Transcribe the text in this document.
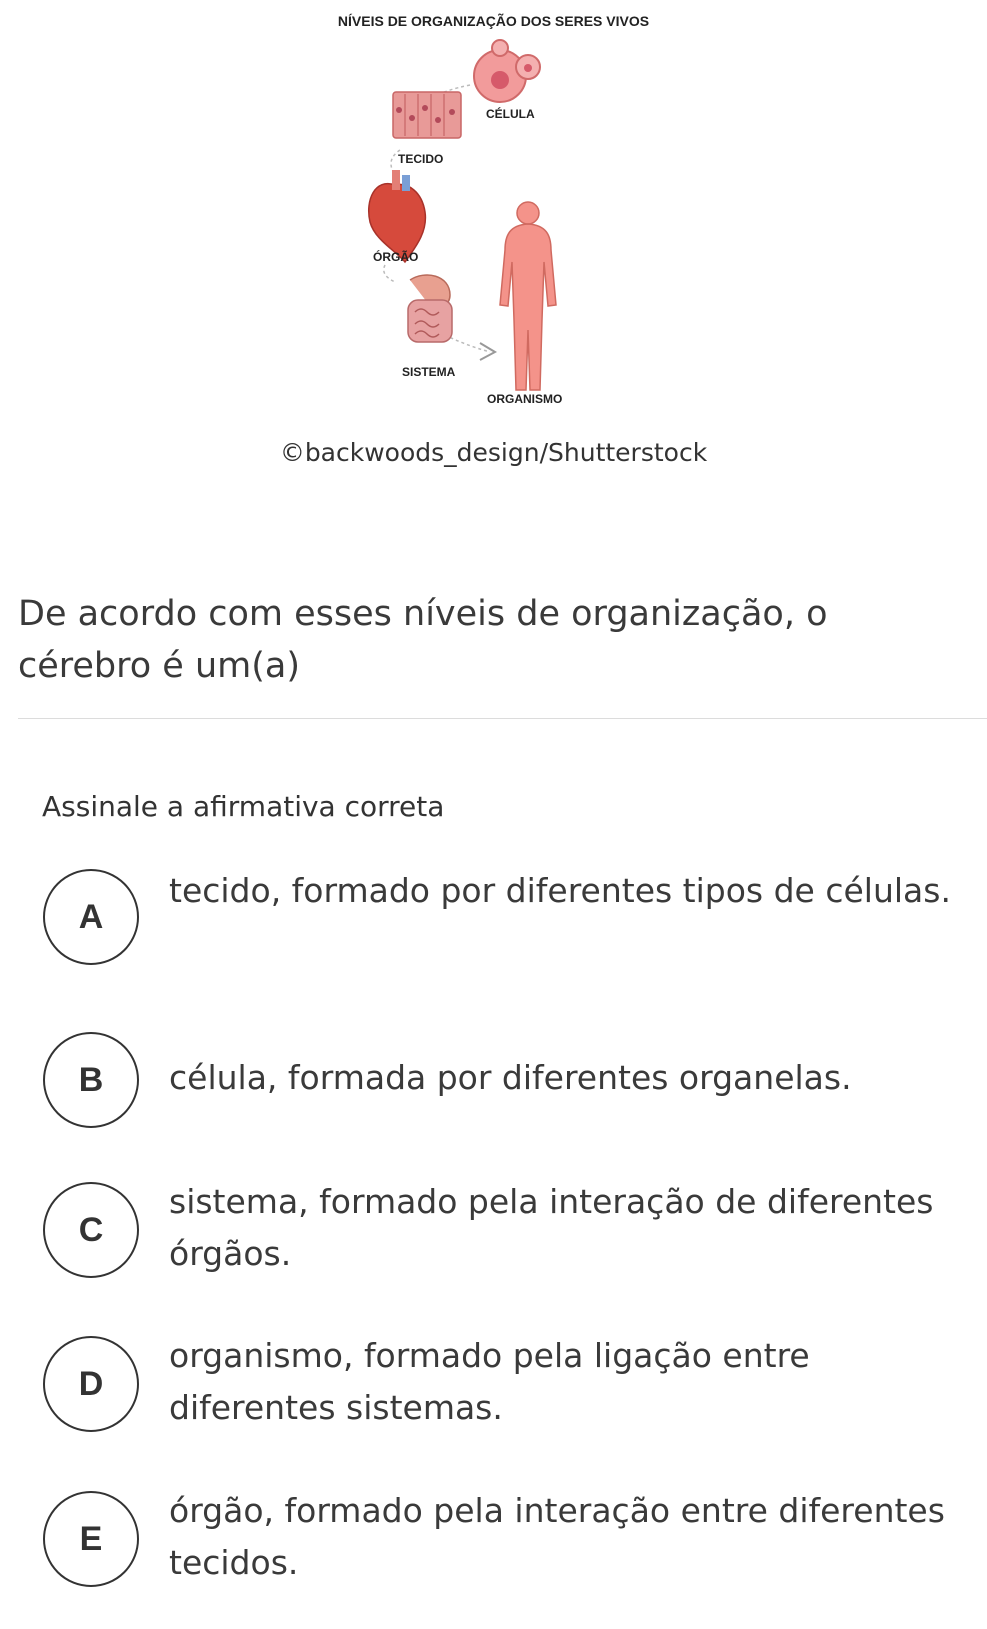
NÍVEIS DE ORGANIZAÇÃO DOS SERES VIVOS
CÉLULA
TECIDO
ÓRGÃO
SISTEMA
ORGANISMO
©backwoods_design/Shutterstock
De acordo com esses níveis de organização, o cérebro é um(a)
Assinale a afirmativa correta
A
tecido, formado por diferentes tipos de células.
B	célula, formada por diferentes organelas.
C
sistema, formado pela interação de diferentes órgãos.
D
organismo, formado pela ligação entre diferentes sistemas.
E
órgão, formado pela interação entre diferentes tecidos.
